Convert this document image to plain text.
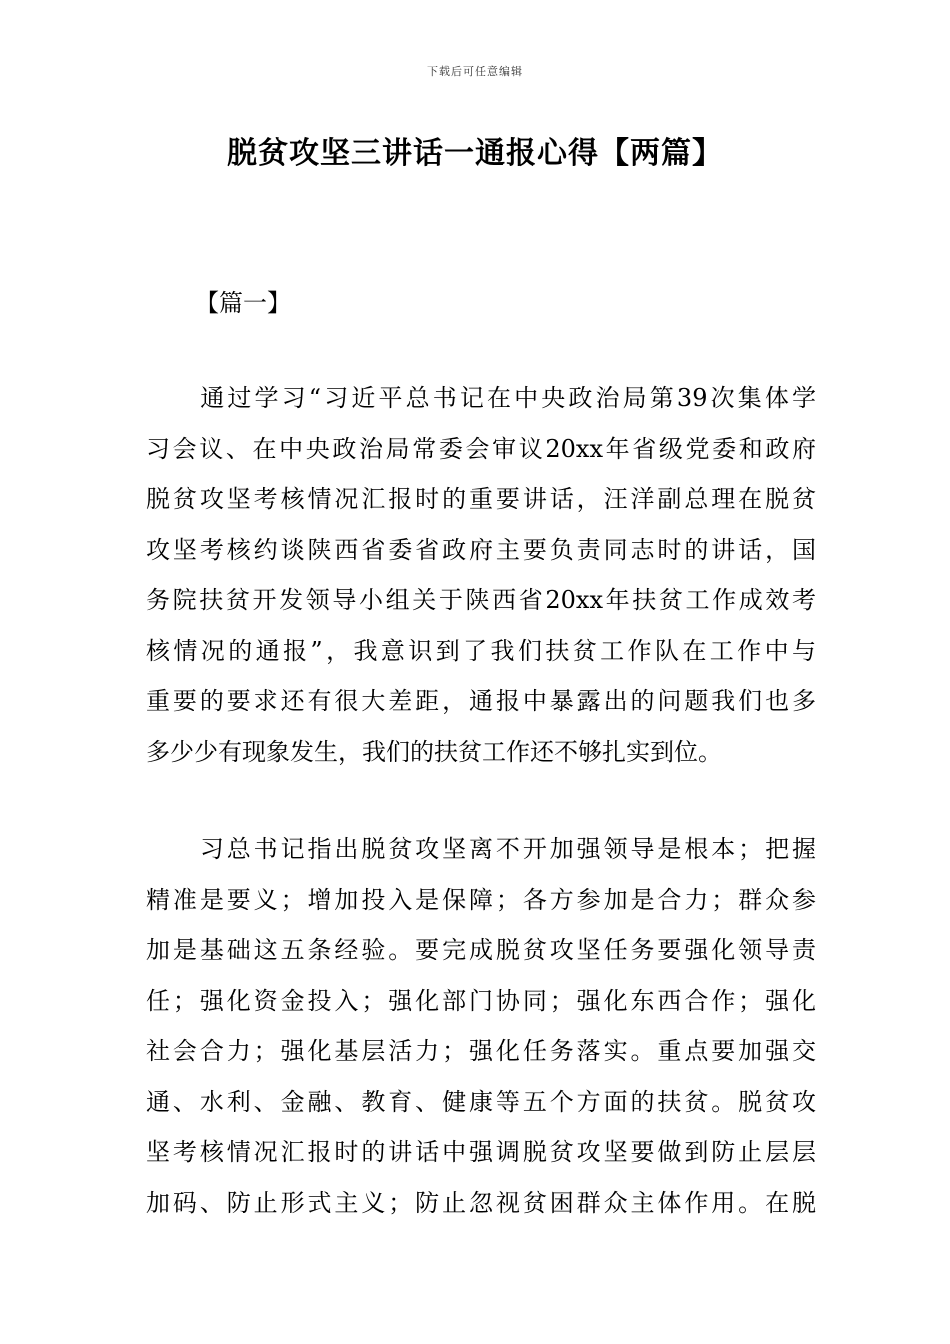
下载后可任意编辑
脱贫攻坚三讲话一通报心得【两篇】
【篇一】
　　通过学习“习近平总书记在中央政治局第39次集体学
习会议、在中央政治局常委会审议20xx年省级党委和政府
脱贫攻坚考核情况汇报时的重要讲话，汪洋副总理在脱贫
攻坚考核约谈陕西省委省政府主要负责同志时的讲话，国
务院扶贫开发领导小组关于陕西省20xx年扶贫工作成效考
核情况的通报”，我意识到了我们扶贫工作队在工作中与
重要的要求还有很大差距，通报中暴露出的问题我们也多
多少少有现象发生，我们的扶贫工作还不够扎实到位。
　　习总书记指出脱贫攻坚离不开加强领导是根本；把握
精准是要义；增加投入是保障；各方参加是合力；群众参
加是基础这五条经验。要完成脱贫攻坚任务要强化领导责
任；强化资金投入；强化部门协同；强化东西合作；强化
社会合力；强化基层活力；强化任务落实。重点要加强交
通、水利、金融、教育、健康等五个方面的扶贫。脱贫攻
坚考核情况汇报时的讲话中强调脱贫攻坚要做到防止层层
加码、防止形式主义；防止忽视贫困群众主体作用。在脱
